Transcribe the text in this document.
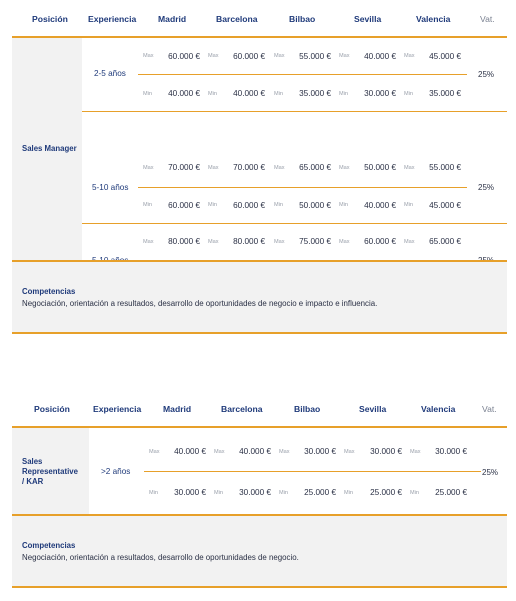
Posición Experiencia	Madrid	Barcelona	Bilbao	Sevilla	Valencia	Vat.
Sales Manager
2-5 años	25%
Max	Max	Max	Max	Max
60.000 €	60.000 €	55.000 €	40.000 €	45.000 €
Min	Min	Min	Min	Min
40.000 €	40.000 €	35.000 €	30.000 €	35.000 €
5-10 años	25%
Max	Max	Max	Max	Max
70.000 €	70.000 €	65.000 €	50.000 €	55.000 €
Min	Min	Min	Min	Min
60.000 €	60.000 €	50.000 €	40.000 €	45.000 €
Max	Max	Max	Max	Max
80.000 €	80.000 €	75.000 €	60.000 €	65.000 €
Competencias
Negociación, orientación a resultados, desarrollo de oportunidades de negocio e impacto e influencia.
Posición	Experiencia	Madrid	Barcelona	Bilbao	Sevilla	Valencia	Vat.
Sales
Representative
/ KAR
>2 años	25%
Max	Max	Max	Max	Max
40.000 €	40.000 €	30.000 €	30.000 €	30.000 €
Min	Min	Min	Min	Min
30.000 €	30.000 €	25.000 €	25.000 €	25.000 €
Competencias
Negociación, orientación a resultados, desarrollo de oportunidades de negocio.
